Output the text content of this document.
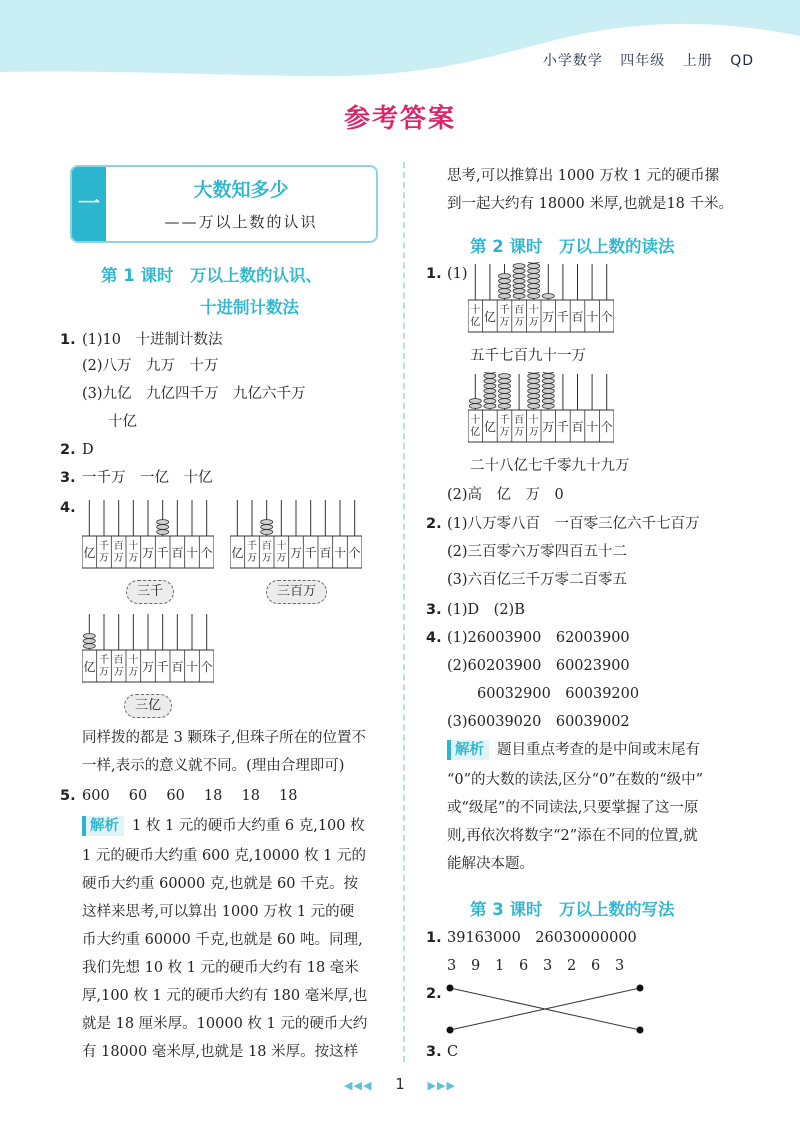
小学数学 四年级 上册 QD
参考答案
一
大数知多少
——万以上数的认识
第 1 课时　万以上数的认识、
十进制计数法
1. (1)10　十进制计数法
(2)八万　九万　十万
(3)九亿　九亿四千万　九亿六千万
十亿
2. D
3. 一千万　一亿　十亿
4.
亿 千
万
百
万
十
万 万 千 百 十 个
三千
亿 千
万
百
万
十
万 万 千 百 十 个
三百万
亿 千
万
百
万
十
万 万 千 百 十 个
三亿
同样拨的都是 3 颗珠子,但珠子所在的位置不
一样,表示的意义就不同。(理由合理即可)
5. 600　 60　 60　 18　 18　 18
解析 1 枚 1 元的硬币大约重 6 克,100 枚
1 元的硬币大约重 600 克,10000 枚 1 元的
硬币大约重 60000 克,也就是 60 千克。按
这样来思考,可以算出 1000 万枚 1 元的硬
币大约重 60000 千克,也就是 60 吨。同理,
我们先想 10 枚 1 元的硬币大约有 18 毫米
厚,100 枚 1 元的硬币大约有 180 毫米厚,也
就是 18 厘米厚。10000 枚 1 元的硬币大约
有 18000 毫米厚,也就是 18 米厚。按这样
思考,可以推算出 1000 万枚 1 元的硬币摞
到一起大约有 18000 米厚,也就是18 千米。
第 2 课时　万以上数的读法
1. (1)
十
亿 亿 千
万
百
万
十
万 万 千 百 十 个
五千七百九十一万
十
亿 亿 千
万
百
万
十
万 万 千 百 十 个
二十八亿七千零九十九万
(2)高　亿　万　0
2. (1)八万零八百　一百零三亿六千七百万
(2)三百零六万零四百五十二
(3)六百亿三千万零二百零五
3. (1)D　(2)B
4. (1)26003900　62003900
(2)60203900　60023900
60032900　60039200
(3)60039020　60039002
解析 题目重点考查的是中间或末尾有
“0”的大数的读法,区分“0”在数的“级中”
或“级尾”的不同读法,只要掌握了这一原
则,再依次将数字“2”添在不同的位置,就
能解决本题。
第 3 课时　万以上数的写法
1. 39163000　26030000000
3 9 1 6 3 2 6 3
2.
3. C
◀◀◀ 1 ▶▶▶
